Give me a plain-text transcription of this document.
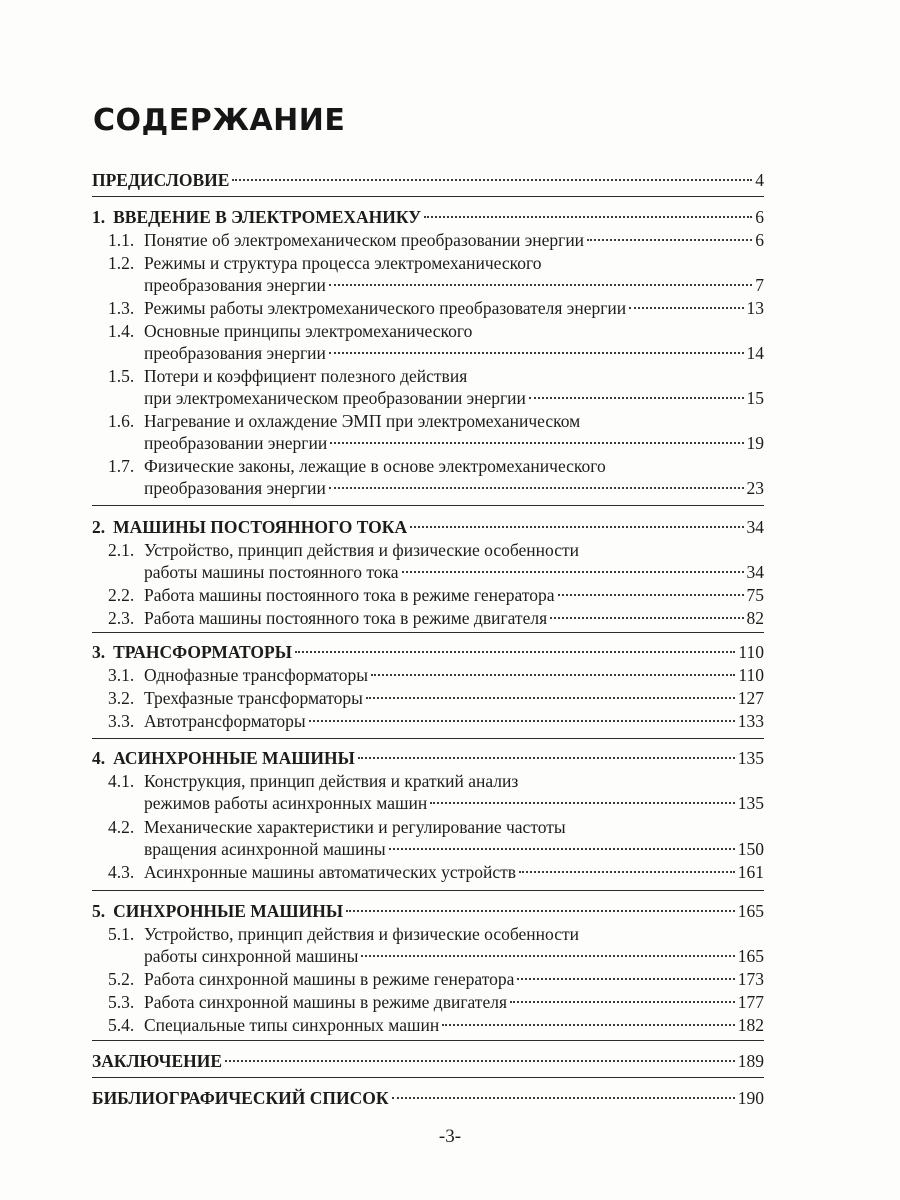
СОДЕРЖАНИЕ
ПРЕДИСЛОВИЕ	4
1. ВВЕДЕНИЕ В ЭЛЕКТРОМЕХАНИКУ	6
1.1. Понятие об электромеханическом преобразовании энергии	6
1.2. Режимы и структура процесса электромеханического
преобразования энергии	7
1.3. Режимы работы электромеханического преобразователя энергии	13
1.4. Основные принципы электромеханического
преобразования энергии	14
1.5. Потери и коэффициент полезного действия
при электромеханическом преобразовании энергии	15
1.6. Нагревание и охлаждение ЭМП при электромеханическом
преобразовании энергии	19
1.7. Физические законы, лежащие в основе электромеханического
преобразования энергии	23
2. МАШИНЫ ПОСТОЯННОГО ТОКА	34
2.1. Устройство, принцип действия и физические особенности
работы машины постоянного тока	34
2.2. Работа машины постоянного тока в режиме генератора	75
2.3. Работа машины постоянного тока в режиме двигателя	82
3. ТРАНСФОРМАТОРЫ	110
3.1. Однофазные трансформаторы	110
3.2. Трехфазные трансформаторы	127
3.3. Автотрансформаторы	133
4. АСИНХРОННЫЕ МАШИНЫ	135
4.1. Конструкция, принцип действия и краткий анализ
режимов работы асинхронных машин	135
4.2. Механические характеристики и регулирование частоты
вращения асинхронной машины	150
4.3. Асинхронные машины автоматических устройств	161
5. СИНХРОННЫЕ МАШИНЫ	165
5.1. Устройство, принцип действия и физические особенности
работы синхронной машины	165
5.2. Работа синхронной машины в режиме генератора	173
5.3. Работа синхронной машины в режиме двигателя	177
5.4. Специальные типы синхронных машин	182
ЗАКЛЮЧЕНИЕ	189
БИБЛИОГРАФИЧЕСКИЙ СПИСОК	190
-3-
